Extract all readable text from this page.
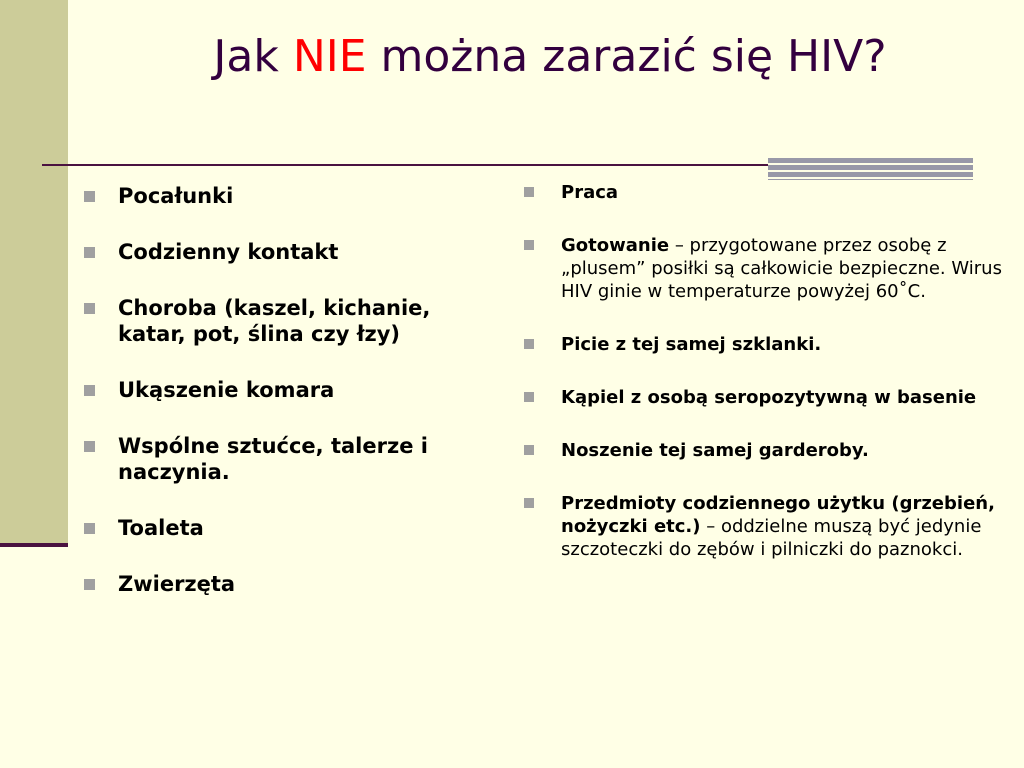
Jak NIE można zarazić się HIV?
Pocałunki
Codzienny kontakt
Choroba (kaszel, kichanie, katar, pot, ślina czy łzy)
Ukąszenie komara
Wspólne sztućce, talerze i naczynia.
Toaleta
Zwierzęta
Praca
Gotowanie – przygotowane przez osobę z „plusem” posiłki są całkowicie bezpieczne. Wirus HIV ginie w temperaturze powyżej 60˚C.
Picie z tej samej szklanki.
Kąpiel z osobą seropozytywną w basenie
Noszenie tej samej garderoby.
Przedmioty codziennego użytku (grzebień, nożyczki etc.) – oddzielne muszą być jedynie szczoteczki do zębów i pilniczki do paznokci.
